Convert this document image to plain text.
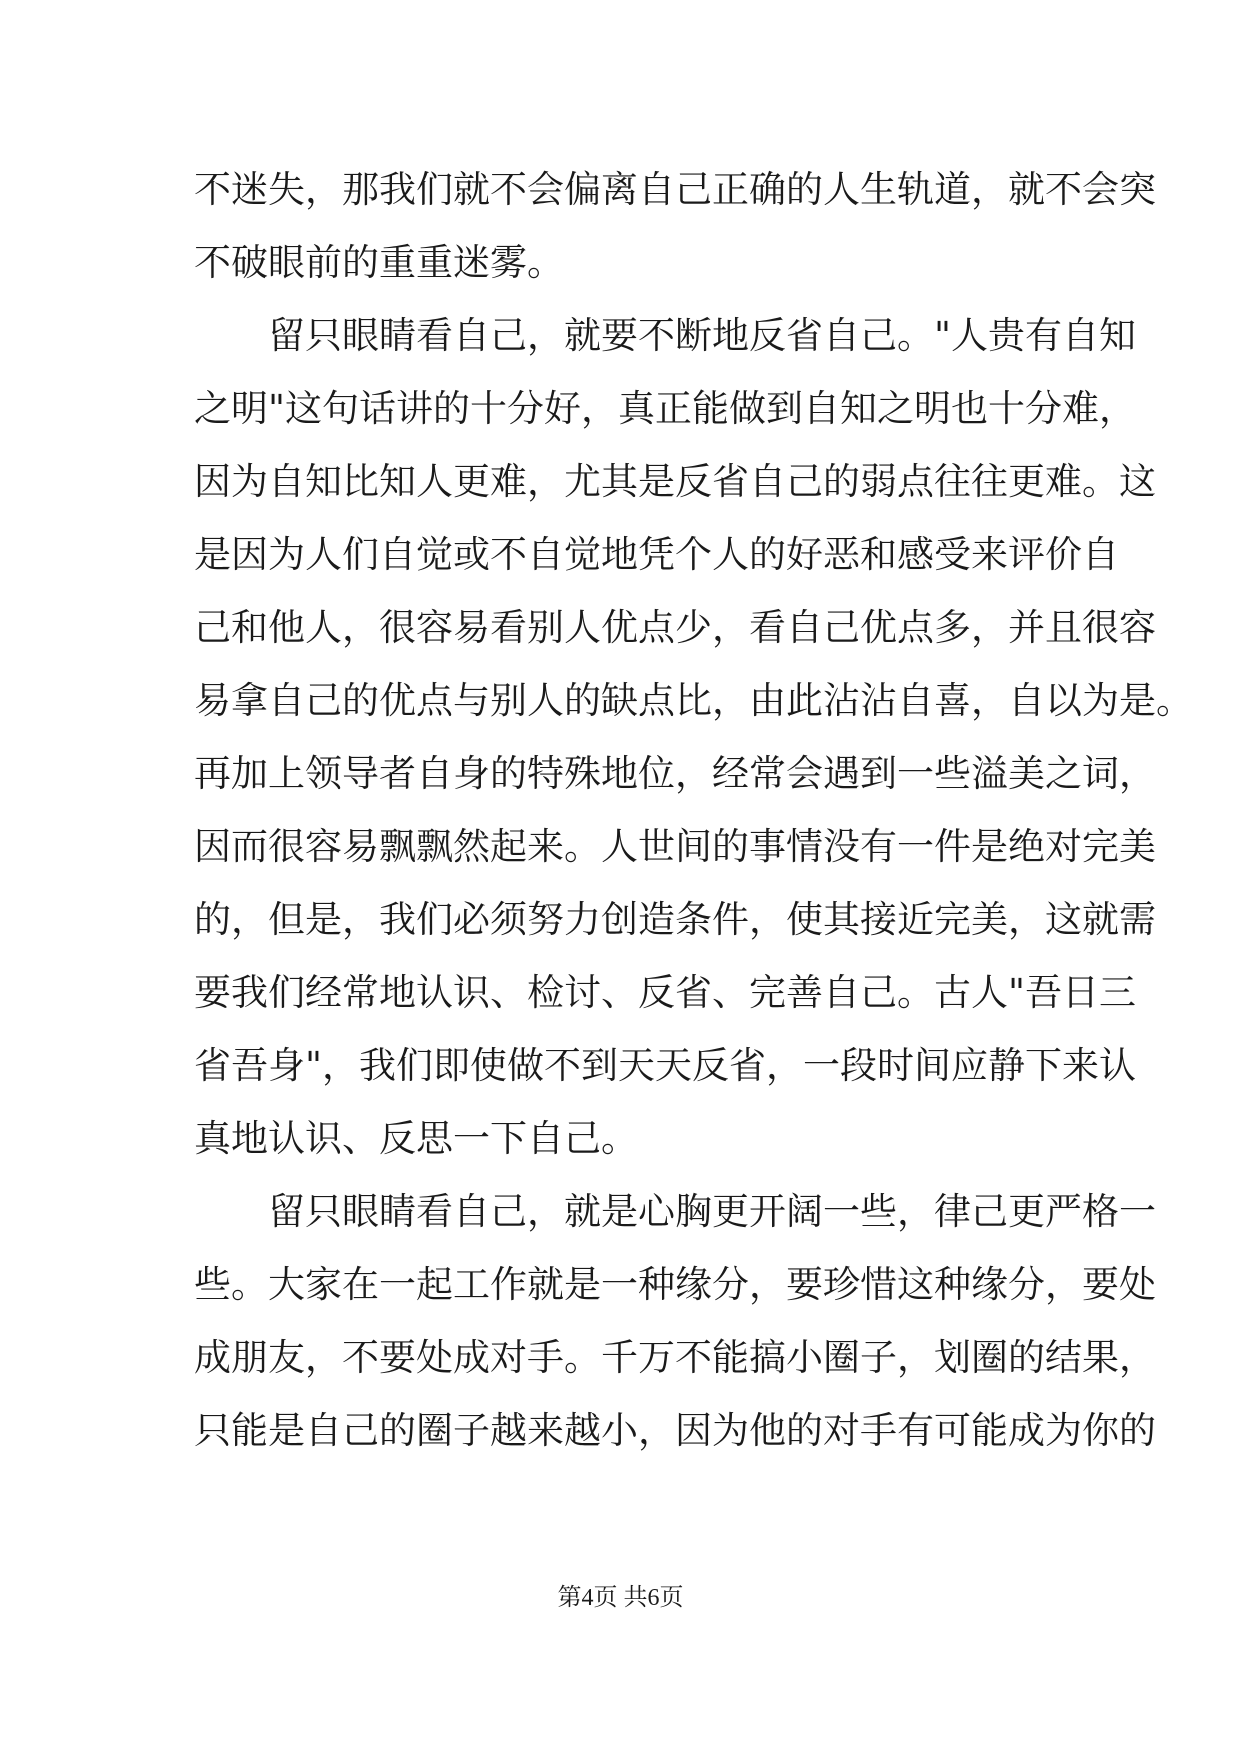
不迷失，那我们就不会偏离自己正确的人生轨道，就不会突
不破眼前的重重迷雾。
留只眼睛看自己，就要不断地反省自己。"人贵有自知
之明"这句话讲的十分好，真正能做到自知之明也十分难，
因为自知比知人更难，尤其是反省自己的弱点往往更难。这
是因为人们自觉或不自觉地凭个人的好恶和感受来评价自
己和他人，很容易看别人优点少，看自己优点多，并且很容
易拿自己的优点与别人的缺点比，由此沾沾自喜，自以为是。
再加上领导者自身的特殊地位，经常会遇到一些溢美之词，
因而很容易飘飘然起来。人世间的事情没有一件是绝对完美
的，但是，我们必须努力创造条件，使其接近完美，这就需
要我们经常地认识、检讨、反省、完善自己。古人"吾日三
省吾身"，我们即使做不到天天反省，一段时间应静下来认
真地认识、反思一下自己。
留只眼睛看自己，就是心胸更开阔一些，律己更严格一
些。大家在一起工作就是一种缘分，要珍惜这种缘分，要处
成朋友，不要处成对手。千万不能搞小圈子，划圈的结果，
只能是自己的圈子越来越小，因为他的对手有可能成为你的
第4页 共6页
